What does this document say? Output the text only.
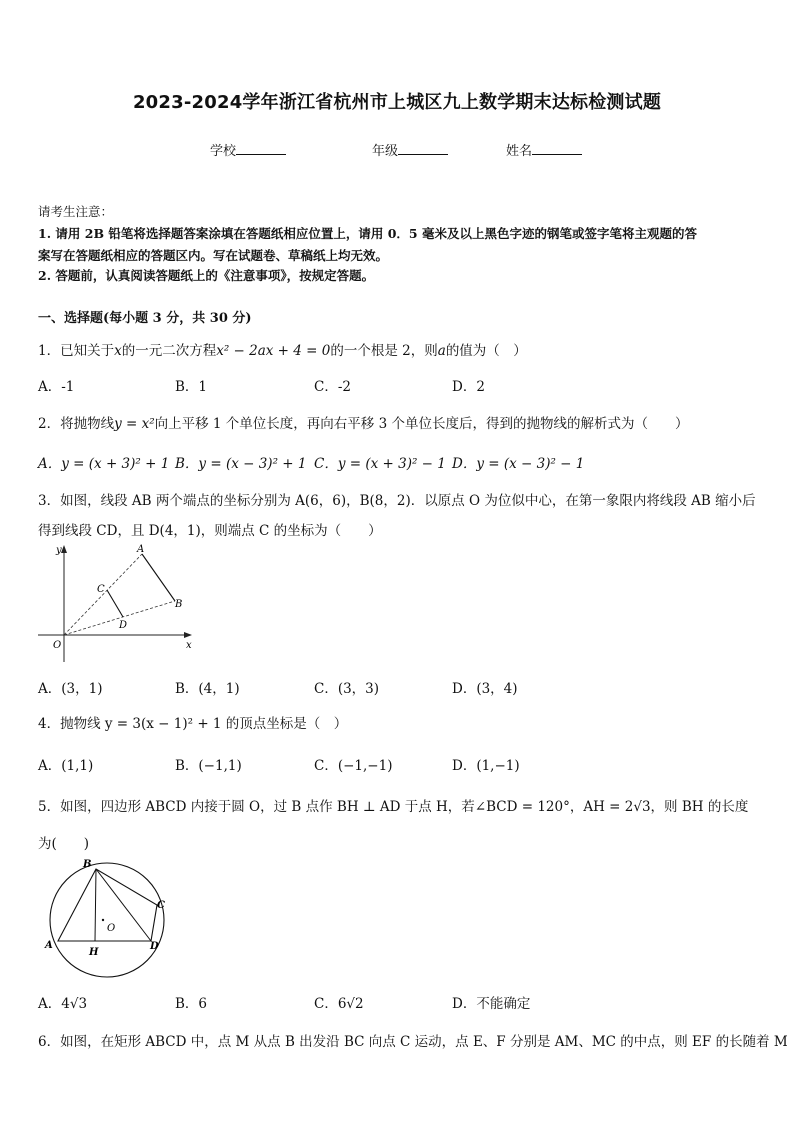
2023-2024学年浙江省杭州市上城区九上数学期末达标检测试题
学校	年级	姓名
请考生注意：
1. 请用 2B 铅笔将选择题答案涂填在答题纸相应位置上，请用 0．5 毫米及以上黑色字迹的钢笔或签字笔将主观题的答
案写在答题纸相应的答题区内。写在试题卷、草稿纸上均无效。
2. 答题前，认真阅读答题纸上的《注意事项》，按规定答题。
一、选择题(每小题 3 分，共 30 分)
1．已知关于x的一元二次方程x² − 2ax + 4 = 0的一个根是 2，则a的值为（　）
A．-1	B．1	C．-2	D．2
2．将抛物线y = x²向上平移 1 个单位长度，再向右平移 3 个单位长度后，得到的抛物线的解析式为（　　）
A．y = (x + 3)² + 1 B．y = (x − 3)² + 1 C．y = (x + 3)² − 1 D．y = (x − 3)² − 1
3．如图，线段 AB 两个端点的坐标分别为 A(6，6)，B(8，2)．以原点 O 为位似中心，在第一象限内将线段 AB 缩小后
得到线段 CD，且 D(4，1)，则端点 C 的坐标为（　　）
y
x
O
A
B
C
D
A．(3，1)	B．(4，1)	C．(3，3)	D．(3，4)
4．抛物线 y = 3(x − 1)² + 1 的顶点坐标是（　）
A．(1,1)	B．(−1,1)	C．(−1,−1)	D．(1,−1)
5．如图，四边形 ABCD 内接于圆 O，过 B 点作 BH ⊥ AD 于点 H，若∠BCD = 120°，AH = 2√3，则 BH 的长度
为(　　)
B
C
A	D
H
O
A．4√3	B．6	C．6√2	D．不能确定
6．如图，在矩形 ABCD 中，点 M 从点 B 出发沿 BC 向点 C 运动，点 E、F 分别是 AM、MC 的中点，则 EF 的长随着 M
